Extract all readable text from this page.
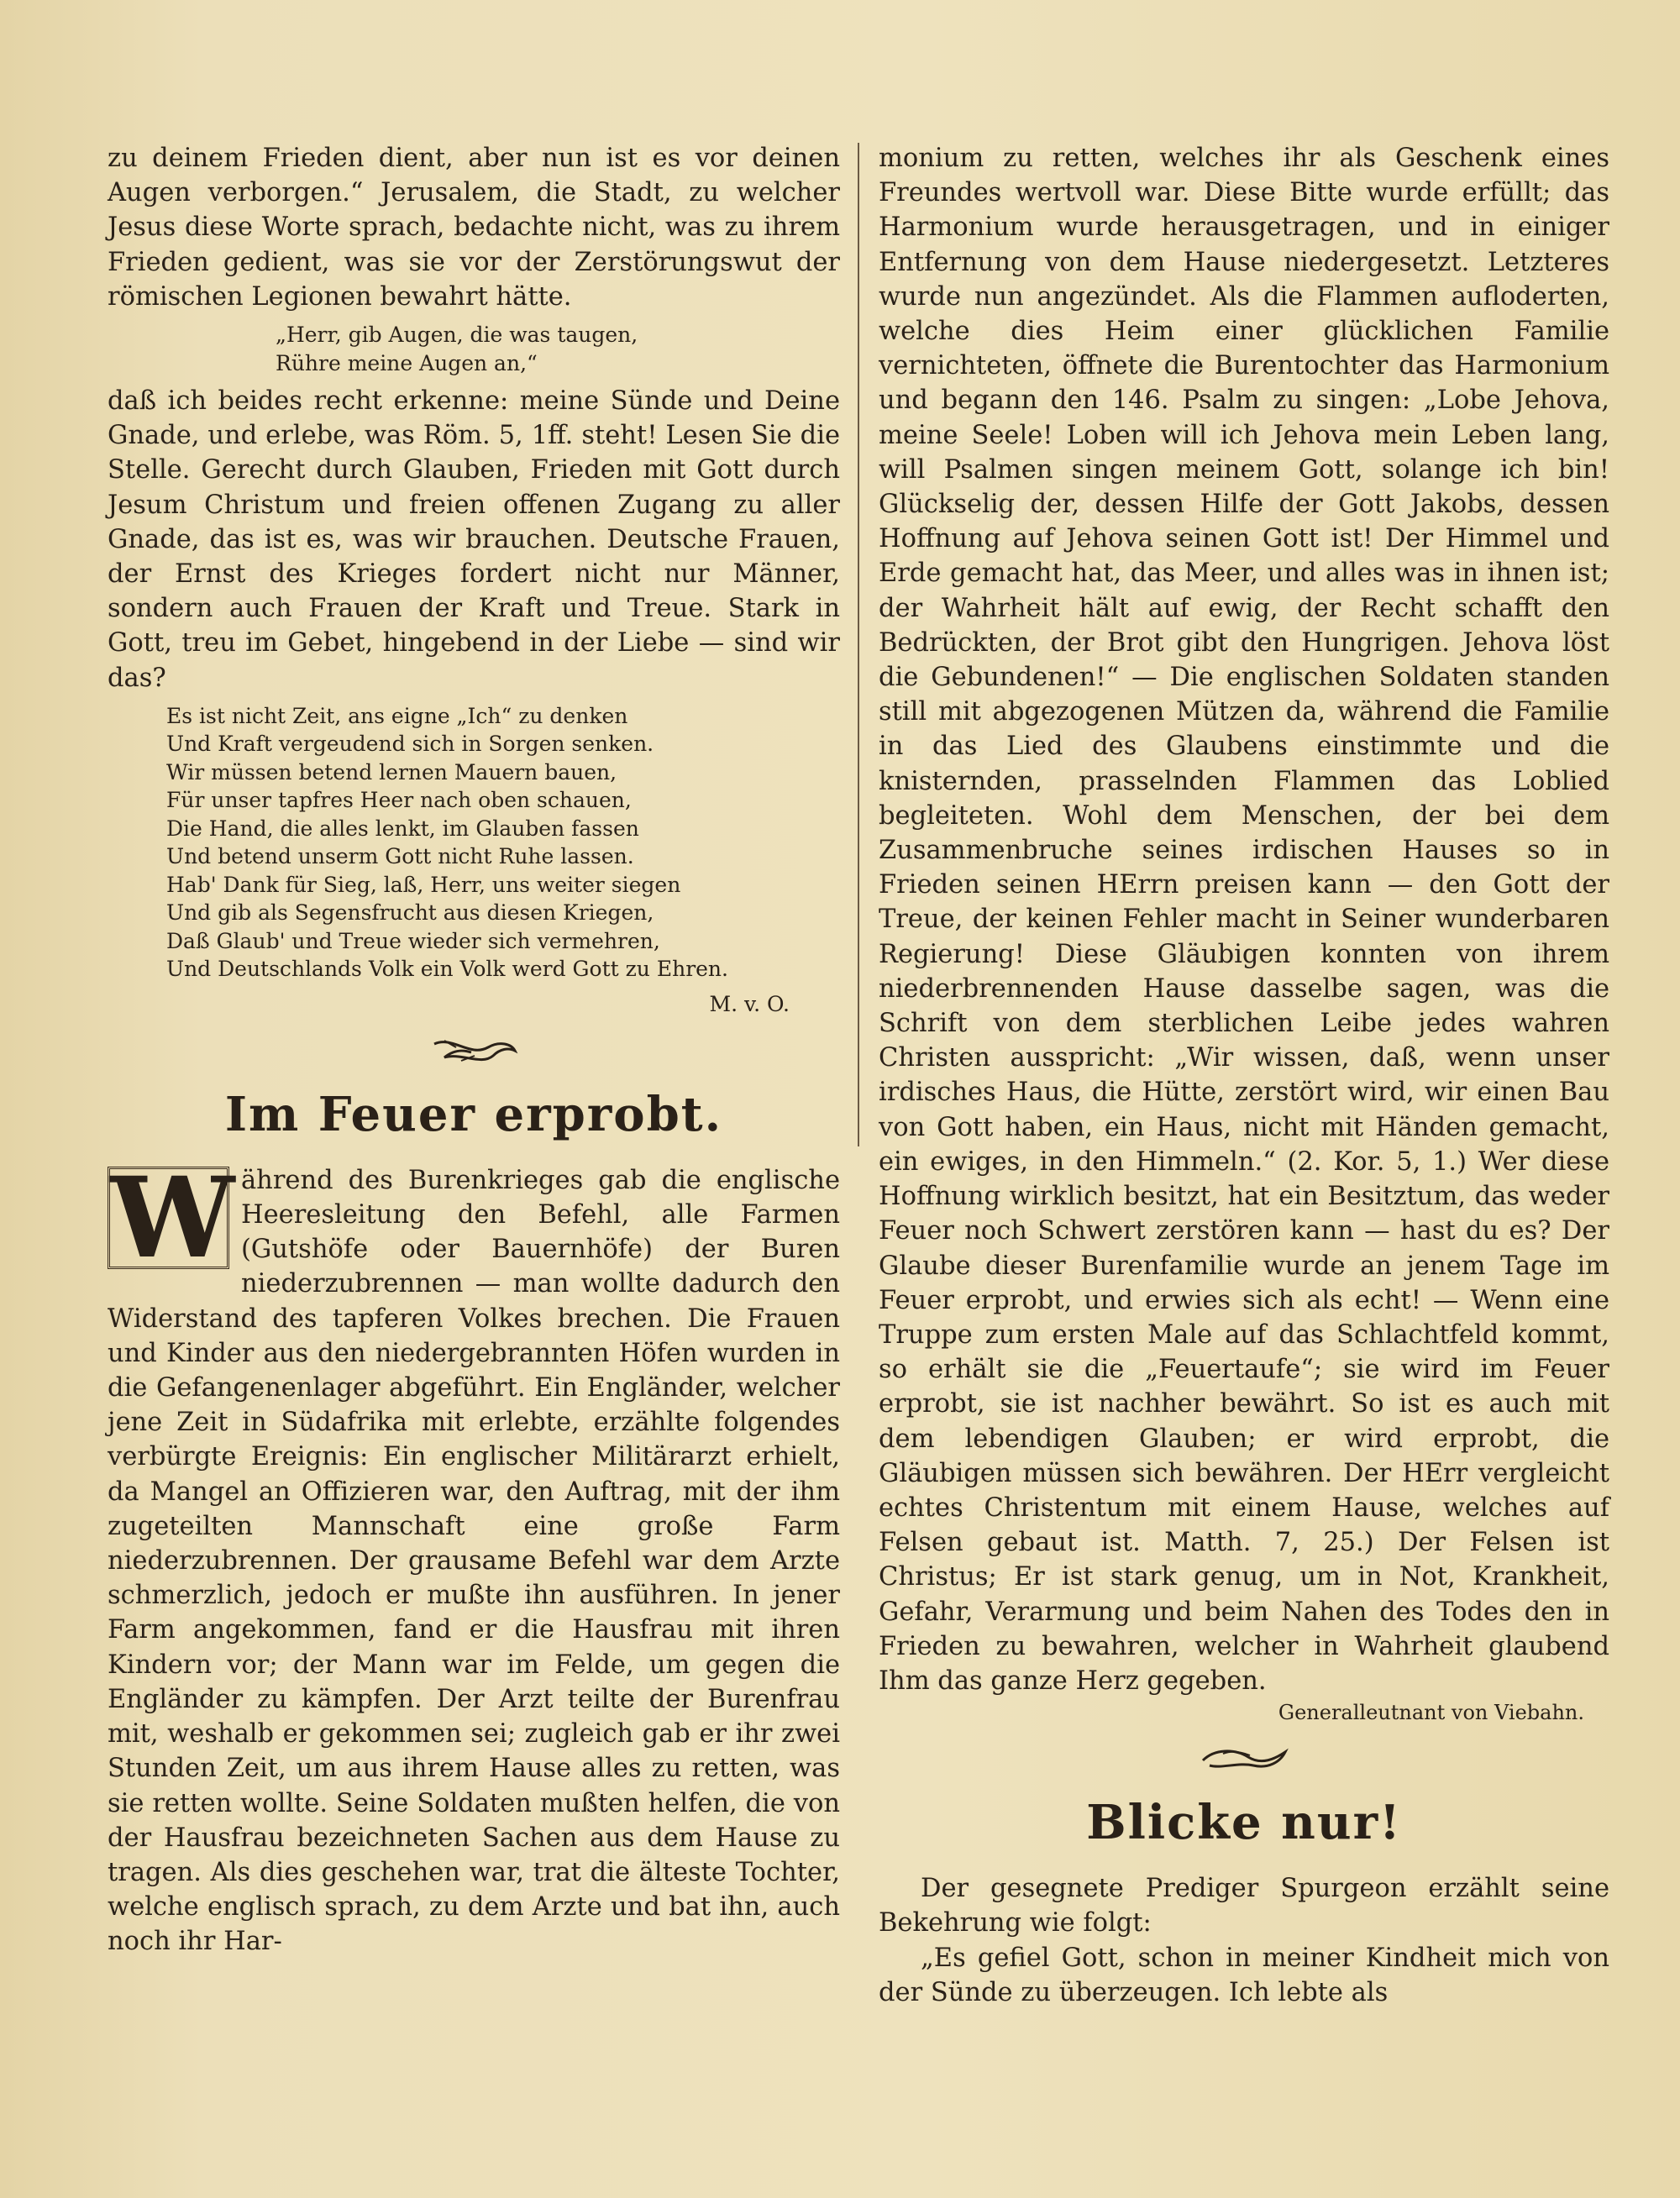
zu deinem Frieden dient, aber nun ist es vor deinen Augen verborgen.“ Jerusalem, die Stadt, zu welcher Jesus diese Worte sprach, bedachte nicht, was zu ihrem Frieden gedient, was sie vor der Zerstörungswut der römischen Legionen bewahrt hätte.

„Herr, gib Augen, die was taugen,
Rühre meine Augen an,“

daß ich beides recht erkenne: meine Sünde und Deine Gnade, und erlebe, was Röm. 5, 1ff. steht! Lesen Sie die Stelle. Gerecht durch Glauben, Frieden mit Gott durch Jesum Christum und freien offenen Zugang zu aller Gnade, das ist es, was wir brauchen. Deutsche Frauen, der Ernst des Krieges fordert nicht nur Männer, sondern auch Frauen der Kraft und Treue. Stark in Gott, treu im Gebet, hingebend in der Liebe — sind wir das?

Es ist nicht Zeit, ans eigne „Ich“ zu denken
Und Kraft vergeudend sich in Sorgen senken.
Wir müssen betend lernen Mauern bauen,
Für unser tapfres Heer nach oben schauen,
Die Hand, die alles lenkt, im Glauben fassen
Und betend unserm Gott nicht Ruhe lassen.
Hab' Dank für Sieg, laß, Herr, uns weiter siegen
Und gib als Segensfrucht aus diesen Kriegen,
Daß Glaub' und Treue wieder sich vermehren,
Und Deutschlands Volk ein Volk werd Gott zu Ehren.
M. v. O.
Im Feuer erprobt.
W ährend des Burenkrieges gab die englische Heeresleitung den Befehl, alle Farmen (Gutshöfe oder Bauernhöfe) der Buren niederzubrennen — man wollte dadurch den Widerstand des tapferen Volkes brechen. Die Frauen und Kinder aus den niedergebrannten Höfen wurden in die Gefangenenlager abgeführt. Ein Engländer, welcher jene Zeit in Südafrika mit erlebte, erzählte folgendes verbürgte Ereignis: Ein englischer Militärarzt erhielt, da Mangel an Offizieren war, den Auftrag, mit der ihm zugeteilten Mannschaft eine große Farm niederzubrennen. Der grausame Befehl war dem Arzte schmerzlich, jedoch er mußte ihn ausführen. In jener Farm angekommen, fand er die Hausfrau mit ihren Kindern vor; der Mann war im Felde, um gegen die Engländer zu kämpfen. Der Arzt teilte der Burenfrau mit, weshalb er gekommen sei; zugleich gab er ihr zwei Stunden Zeit, um aus ihrem Hause alles zu retten, was sie retten wollte. Seine Soldaten mußten helfen, die von der Hausfrau bezeichneten Sachen aus dem Hause zu tragen. Als dies geschehen war, trat die älteste Tochter, welche englisch sprach, zu dem Arzte und bat ihn, auch noch ihr Har-

monium zu retten, welches ihr als Geschenk eines Freundes wertvoll war. Diese Bitte wurde erfüllt; das Harmonium wurde herausgetragen, und in einiger Entfernung von dem Hause niedergesetzt. Letzteres wurde nun angezündet. Als die Flammen aufloderten, welche dies Heim einer glücklichen Familie vernichteten, öffnete die Burentochter das Harmonium und begann den 146. Psalm zu singen: „Lobe Jehova, meine Seele! Loben will ich Jehova mein Leben lang, will Psalmen singen meinem Gott, solange ich bin! Glückselig der, dessen Hilfe der Gott Jakobs, dessen Hoffnung auf Jehova seinen Gott ist! Der Himmel und Erde gemacht hat, das Meer, und alles was in ihnen ist; der Wahrheit hält auf ewig, der Recht schafft den Bedrückten, der Brot gibt den Hungrigen. Jehova löst die Gebundenen!“ — Die englischen Soldaten standen still mit abgezogenen Mützen da, während die Familie in das Lied des Glaubens einstimmte und die knisternden, prasselnden Flammen das Loblied begleiteten. Wohl dem Menschen, der bei dem Zusammenbruche seines irdischen Hauses so in Frieden seinen HErrn preisen kann — den Gott der Treue, der keinen Fehler macht in Seiner wunderbaren Regierung! Diese Gläubigen konnten von ihrem niederbrennenden Hause dasselbe sagen, was die Schrift von dem sterblichen Leibe jedes wahren Christen ausspricht: „Wir wissen, daß, wenn unser irdisches Haus, die Hütte, zerstört wird, wir einen Bau von Gott haben, ein Haus, nicht mit Händen gemacht, ein ewiges, in den Himmeln.“ (2. Kor. 5, 1.) Wer diese Hoffnung wirklich besitzt, hat ein Besitztum, das weder Feuer noch Schwert zerstören kann — hast du es? Der Glaube dieser Burenfamilie wurde an jenem Tage im Feuer erprobt, und erwies sich als echt! — Wenn eine Truppe zum ersten Male auf das Schlachtfeld kommt, so erhält sie die „Feuertaufe“; sie wird im Feuer erprobt, sie ist nachher bewährt. So ist es auch mit dem lebendigen Glauben; er wird erprobt, die Gläubigen müssen sich bewähren. Der HErr vergleicht echtes Christentum mit einem Hause, welches auf Felsen gebaut ist. Matth. 7, 25.) Der Felsen ist Christus; Er ist stark genug, um in Not, Krankheit, Gefahr, Verarmung und beim Nahen des Todes den in Frieden zu bewahren, welcher in Wahrheit glaubend Ihm das ganze Herz gegeben.

Generalleutnant von Viebahn.
Blicke nur!

Der gesegnete Prediger Spurgeon erzählt seine Bekehrung wie folgt:

„Es gefiel Gott, schon in meiner Kindheit mich von der Sünde zu überzeugen. Ich lebte als
